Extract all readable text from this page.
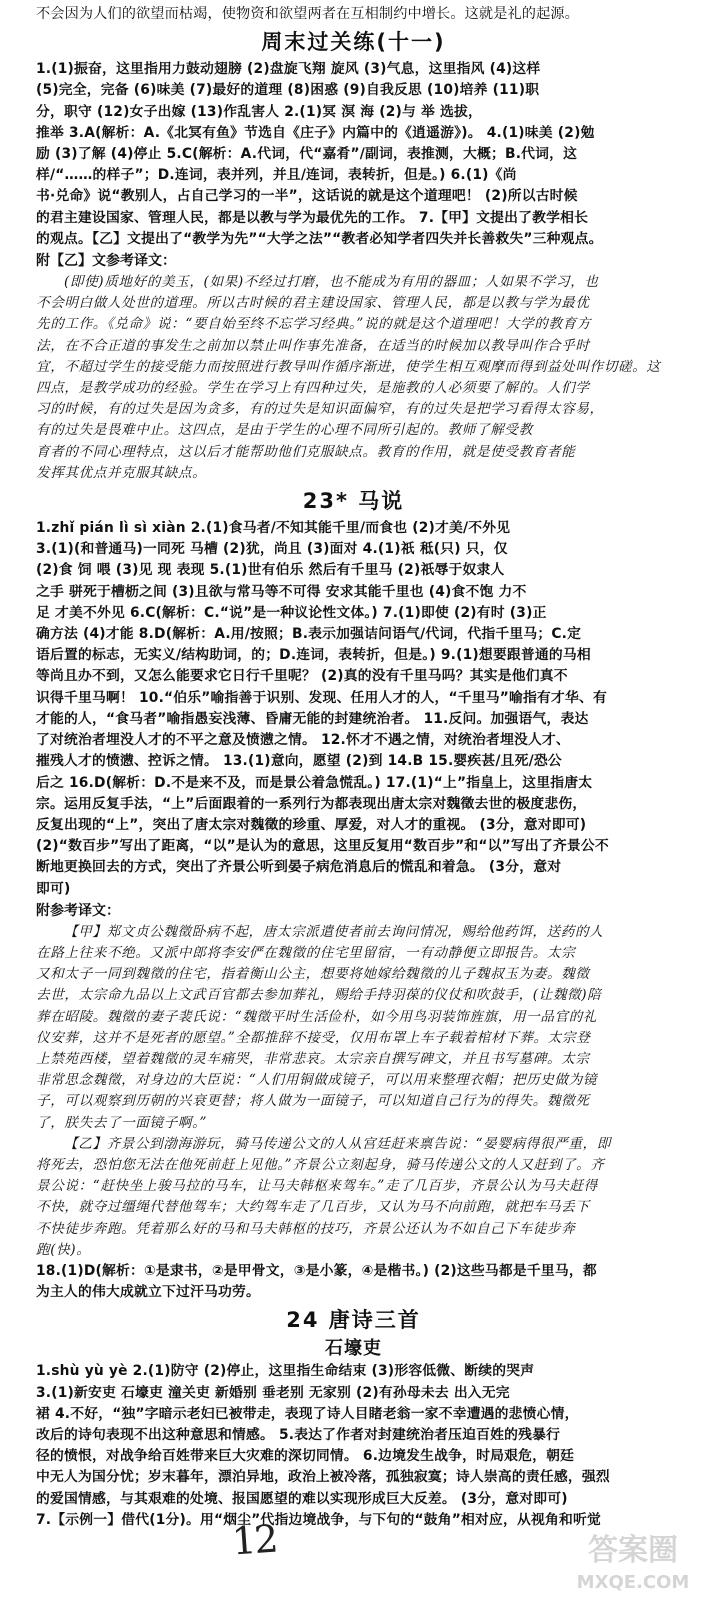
不会因为人们的欲望而枯竭，使物资和欲望两者在互相制约中增长。这就是礼的起源。
周末过关练(十一)
1.(1)振奋，这里指用力鼓动翅膀 (2)盘旋飞翔 旋风 (3)气息，这里指风 (4)这样
(5)完全，完备 (6)味美 (7)最好的道理 (8)困惑 (9)自我反思 (10)培养 (11)职
分，职守 (12)女子出嫁 (13)作乱害人 2.(1)冥 溟 海 (2)与 举 选拔，
推举 3.A(解析：A.《北冥有鱼》节选自《庄子》内篇中的《逍遥游》)。 4.(1)味美 (2)勉
励 (3)了解 (4)停止 5.C(解析：A.代词，代“嘉肴”/副词，表推测，大概；B.代词，这
样/“……的样子”；D.连词，表并列，并且/连词，表转折，但是。) 6.(1)《尚
书·兑命》说“教别人，占自己学习的一半”，这话说的就是这个道理吧！ (2)所以古时候
的君主建设国家、管理人民，都是以教与学为最优先的工作。 7.【甲】文提出了教学相长
的观点。【乙】文提出了“教学为先”“大学之法”“教者必知学者四失并长善救失”三种观点。
附【乙】文参考译文：
(即使)质地好的美玉，(如果)不经过打磨，也不能成为有用的器皿；人如果不学习，也
不会明白做人处世的道理。所以古时候的君主建设国家、管理人民，都是以教与学为最优
先的工作。《兑命》说：“要自始至终不忘学习经典。”说的就是这个道理吧！大学的教育方
法，在不合正道的事发生之前加以禁止叫作事先准备，在适当的时候加以教导叫作合乎时
宜，不超过学生的接受能力而按照进行教导叫作循序渐进，使学生相互观摩而得到益处叫作切磋。这
四点，是教学成功的经验。学生在学习上有四种过失，是施教的人必须要了解的。人们学
习的时候，有的过失是因为贪多，有的过失是知识面偏窄，有的过失是把学习看得太容易，
有的过失是畏难中止。这四点，是由于学生的心理不同所引起的。教师了解受教
育者的不同心理特点，这以后才能帮助他们克服缺点。教育的作用，就是使受教育者能
发挥其优点并克服其缺点。
23* 马说
1.zhǐ pián lì sì xiàn 2.(1)食马者/不知其能千里/而食也 (2)才美/不外见
3.(1)(和普通马)一同死 马槽 (2)犹，尚且 (3)面对 4.(1)祇 秪(只) 只，仅
(2)食 饲 喂 (3)见 现 表现 5.(1)世有伯乐 然后有千里马 (2)祇辱于奴隶人
之手 骈死于槽枥之间 (3)且欲与常马等不可得 安求其能千里也 (4)食不饱 力不
足 才美不外见 6.C(解析：C.“说”是一种议论性文体。) 7.(1)即使 (2)有时 (3)正
确方法 (4)才能 8.D(解析：A.用/按照；B.表示加强诘问语气/代词，代指千里马；C.定
语后置的标志，无实义/结构助词，的；D.连词，表转折，但是。) 9.(1)想要跟普通的马相
等尚且办不到，又怎么能要求它日行千里呢？ (2)真的没有千里马吗？其实是他们真不
识得千里马啊！ 10.“伯乐”喻指善于识别、发现、任用人才的人，“千里马”喻指有才华、有
才能的人，“食马者”喻指愚妄浅薄、昏庸无能的封建统治者。 11.反问。加强语气，表达
了对统治者埋没人才的不平之意及愤懑之情。 12.怀才不遇之情，对统治者埋没人才、
摧残人才的愤懑、控诉之情。 13.(1)意向，愿望 (2)到 14.B 15.婴疾甚/且死/恐公
后之 16.D(解析：D.不是来不及，而是景公着急慌乱。) 17.(1)“上”指皇上，这里指唐太
宗。运用反复手法，“上”后面跟着的一系列行为都表现出唐太宗对魏徵去世的极度悲伤，
反复出现的“上”，突出了唐太宗对魏徵的珍重、厚爱，对人才的重视。 (3分，意对即可)
(2)“数百步”写出了距离，“以”是认为的意思，这里反复用“数百步”和“以”写出了齐景公不
断地更换回去的方式，突出了齐景公听到晏子病危消息后的慌乱和着急。 (3分，意对
即可)
附参考译文：
【甲】郑文贞公魏徵卧病不起，唐太宗派遣使者前去询问情况，赐给他药饵，送药的人
在路上往来不绝。又派中郎将李安俨在魏徵的住宅里留宿，一有动静便立即报告。太宗
又和太子一同到魏徵的住宅，指着衡山公主，想要将她嫁给魏徵的儿子魏叔玉为妻。魏徵
去世，太宗命九品以上文武百官都去参加葬礼，赐给手持羽葆的仪仗和吹鼓手，(让魏徵)陪
葬在昭陵。魏徵的妻子裴氏说：“魏徵平时生活俭朴，如今用鸟羽装饰旌旗，用一品官的礼
仪安葬，这并不是死者的愿望。”全都推辞不接受，仅用布罩上车子载着棺材下葬。太宗登
上禁苑西楼，望着魏徵的灵车痛哭，非常悲哀。太宗亲自撰写碑文，并且书写墓碑。太宗
非常思念魏徵，对身边的大臣说：“人们用铜做成镜子，可以用来整理衣帽；把历史做为镜
子，可以观察到历朝的兴衰更替；将人做为一面镜子，可以知道自己行为的得失。魏徵死
了，朕失去了一面镜子啊。”
【乙】齐景公到渤海游玩，骑马传递公文的人从宫廷赶来禀告说：“晏婴病得很严重，即
将死去，恐怕您无法在他死前赶上见他。”齐景公立刻起身，骑马传递公文的人又赶到了。齐
景公说：“赶快坐上骏马拉的马车，让马夫韩枢来驾车。”走了几百步，齐景公认为马夫赶得
不快，就夺过缰绳代替他驾车；大约驾车走了几百步，又认为马不向前跑，就把车马丢下
不快徒步奔跑。凭着那么好的马和马夫韩枢的技巧，齐景公还认为不如自己下车徒步奔
跑(快)。
18.(1)D(解析：①是隶书，②是甲骨文，③是小篆，④是楷书。) (2)这些马都是千里马，都
为主人的伟大成就立下过汗马功劳。
24 唐诗三首
石壕吏
1.shù yù yè 2.(1)防守 (2)停止，这里指生命结束 (3)形容低微、断续的哭声
3.(1)新安吏 石壕吏 潼关吏 新婚别 垂老别 无家别 (2)有孙母未去 出入无完
裙 4.不好，“独”字暗示老妇已被带走，表现了诗人目睹老翁一家不幸遭遇的悲愤心情，
改后的诗句表现不出这种意思和情感。 5.表达了作者对封建统治者压迫百姓的残暴行
径的愤恨，对战争给百姓带来巨大灾难的深切同情。 6.边境发生战争，时局艰危，朝廷
中无人为国分忧；岁末暮年，漂泊异地，政治上被冷落，孤独寂寞；诗人崇高的责任感，强烈
的爱国情感，与其艰难的处境、报国愿望的难以实现形成巨大反差。 (3分，意对即可)
7.【示例一】借代(1分)。用“烟尘”代指边境战争，与下句的“鼓角”相对应，从视角和听觉
12	答案圈
MXQE.COM
